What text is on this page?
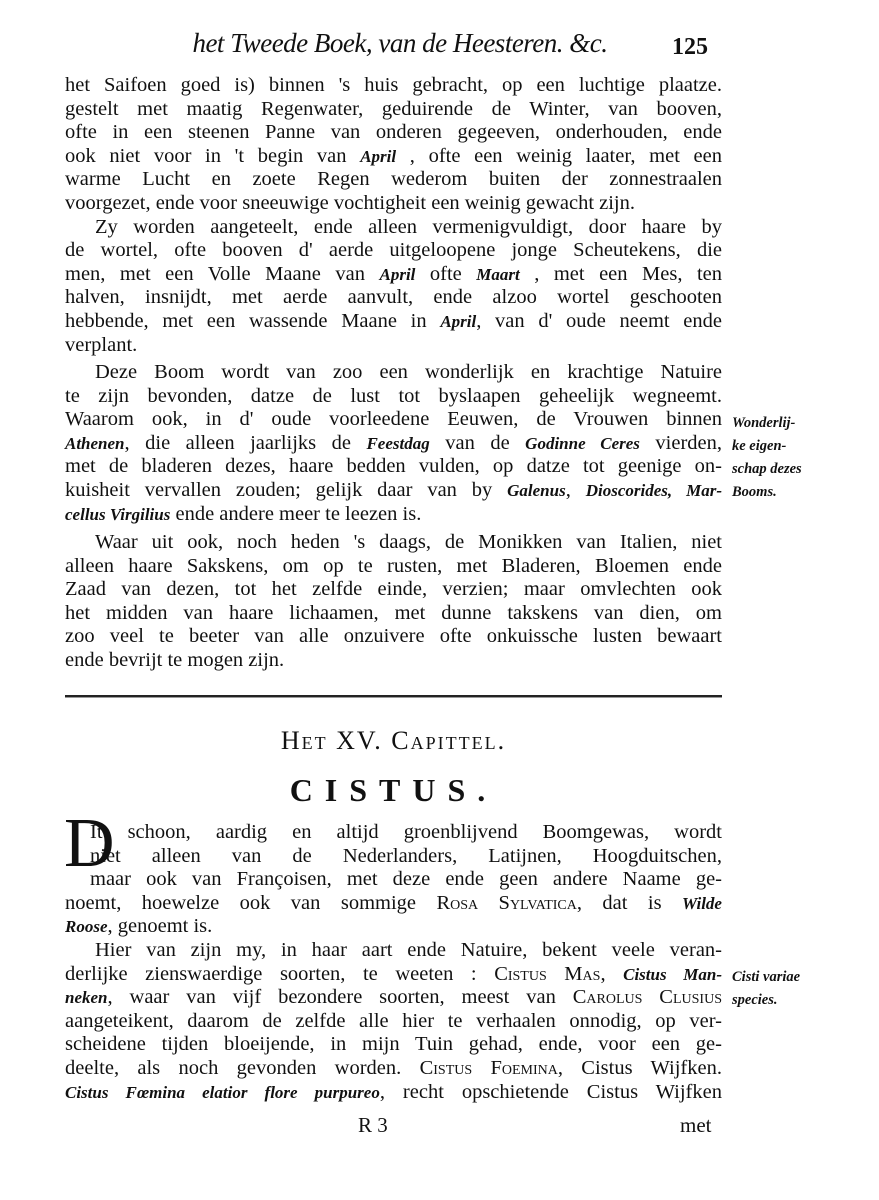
het Tweede Boek, van de Heesteren. &c.	125
het Saifoen goed is) binnen 's huis gebracht, op een luchtige plaatze.
gestelt met maatig Regenwater, geduirende de Winter, van booven,
ofte in een steenen Panne van onderen gegeeven, onderhouden, ende
ook niet voor in 't begin van April , ofte een weinig laater, met een
warme Lucht en zoete Regen wederom buiten der zonnestraalen
voorgezet, ende voor sneeuwige vochtigheit een weinig gewacht zijn.
Zy worden aangeteelt, ende alleen vermenigvuldigt, door haare by
de wortel, ofte booven d' aerde uitgeloopene jonge Scheutekens, die
men, met een Volle Maane van April ofte Maart , met een Mes, ten
halven, insnijdt, met aerde aanvult, ende alzoo wortel geschooten
hebbende, met een wassende Maane in April, van d' oude neemt ende
verplant.
Deze Boom wordt van zoo een wonderlijk en krachtige Natuire
te zijn bevonden, datze de lust tot byslaapen geheelijk wegneemt.
Waarom ook, in d' oude voorleedene Eeuwen, de Vrouwen binnen
Athenen, die alleen jaarlijks de Feestdag van de Godinne Ceres vierden,
met de bladeren dezes, haare bedden vulden, op datze tot geenige on-
kuisheit vervallen zouden; gelijk daar van by Galenus, Dioscorides, Mar-
cellus Virgilius ende andere meer te leezen is.
Waar uit ook, noch heden 's daags, de Monikken van Italien, niet
alleen haare Sakskens, om op te rusten, met Bladeren, Bloemen ende
Zaad van dezen, tot het zelfde einde, verzien; maar omvlechten ook
het midden van haare lichaamen, met dunne takskens van dien, om
zoo veel te beeter van alle onzuivere ofte onkuissche lusten bewaart
ende bevrijt te mogen zijn.
Wonderlij-
ke eigen-
schap dezes
Booms.
Het XV. Capittel.
CISTUS.
D
It schoon, aardig en altijd groenblijvend Boomgewas, wordt
niet alleen van de Nederlanders, Latijnen, Hoogduitschen,
maar ook van Françoisen, met deze ende geen andere Naame ge-
noemt, hoewelze ook van sommige Rosa Sylvatica, dat is Wilde
Roose, genoemt is.
Hier van zijn my, in haar aart ende Natuire, bekent veele veran-
derlijke zienswaerdige soorten, te weeten : Cistus Mas, Cistus Man-
neken, waar van vijf bezondere soorten, meest van Carolus Clusius
aangeteikent, daarom de zelfde alle hier te verhaalen onnodig, op ver-
scheidene tijden bloeijende, in mijn Tuin gehad, ende, voor een ge-
deelte, als noch gevonden worden. Cistus Foemina, Cistus Wijfken.
Cistus Fœmina elatior flore purpureo, recht opschietende Cistus Wijfken
Cisti variae
species.
R 3	met
